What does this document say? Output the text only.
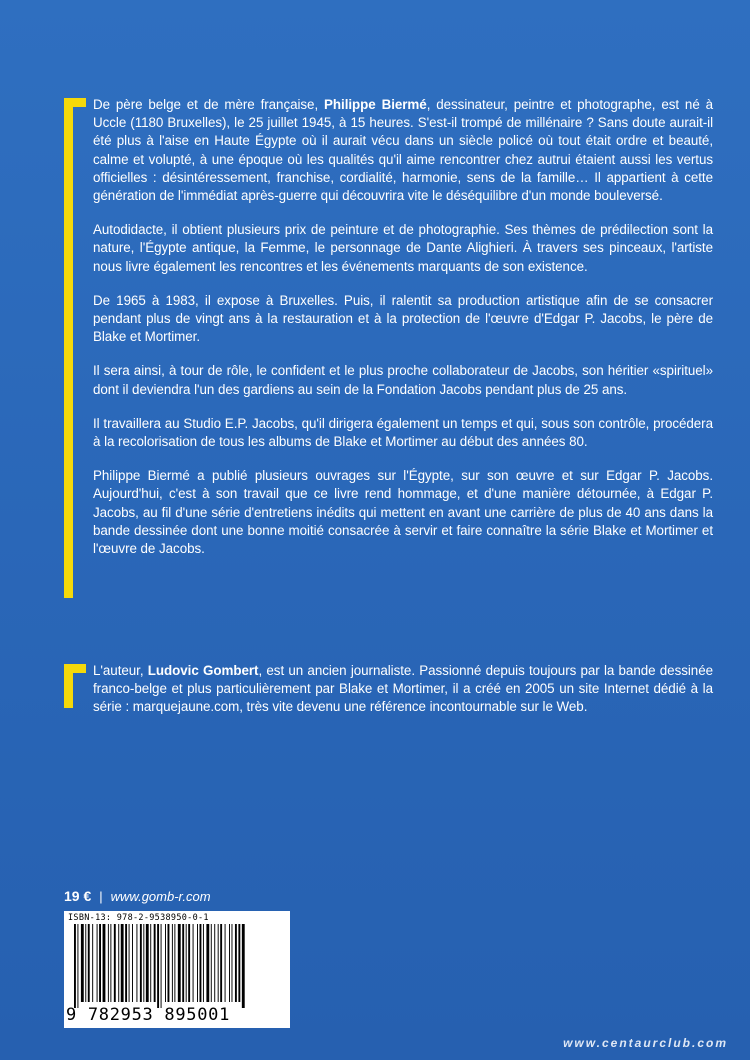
De père belge et de mère française, Philippe Biermé, dessinateur, peintre et photographe, est né à Uccle (1180 Bruxelles), le 25 juillet 1945, à 15 heures. S'est-il trompé de millénaire ? Sans doute aurait-il été plus à l'aise en Haute Égypte où il aurait vécu dans un siècle policé où tout était ordre et beauté, calme et volupté, à une époque où les qualités qu'il aime rencontrer chez autrui étaient aussi les vertus officielles : désintéressement, franchise, cordialité, harmonie, sens de la famille… Il appartient à cette génération de l'immédiat après-guerre qui découvrira vite le déséquilibre d'un monde bouleversé.

Autodidacte, il obtient plusieurs prix de peinture et de photographie. Ses thèmes de prédilection sont la nature, l'Égypte antique, la Femme, le personnage de Dante Alighieri. À travers ses pinceaux, l'artiste nous livre également les rencontres et les événements marquants de son existence.

De 1965 à 1983, il expose à Bruxelles. Puis, il ralentit sa production artistique afin de se consacrer pendant plus de vingt ans à la restauration et à la protection de l'œuvre d'Edgar P. Jacobs, le père de Blake et Mortimer.

Il sera ainsi, à tour de rôle, le confident et le plus proche collaborateur de Jacobs, son héritier «spirituel» dont il deviendra l'un des gardiens au sein de la Fondation Jacobs pendant plus de 25 ans.

Il travaillera au Studio E.P. Jacobs, qu'il dirigera également un temps et qui, sous son contrôle, procédera à la recolorisation de tous les albums de Blake et Mortimer au début des années 80.

Philippe Biermé a publié plusieurs ouvrages sur l'Égypte, sur son œuvre et sur Edgar P. Jacobs. Aujourd'hui, c'est à son travail que ce livre rend hommage, et d'une manière détournée, à Edgar P. Jacobs, au fil d'une série d'entretiens inédits qui mettent en avant une carrière de plus de 40 ans dans la bande dessinée dont une bonne moitié consacrée à servir et faire connaître la série Blake et Mortimer et l'œuvre de Jacobs.

L'auteur, Ludovic Gombert, est un ancien journaliste. Passionné depuis toujours par la bande dessinée franco-belge et plus particulièrement par Blake et Mortimer, il a créé en 2005 un site Internet dédié à la série : marquejaune.com, très vite devenu une référence incontournable sur le Web.

19 € | www.gomb-r.com
ISBN-13: 978-2-9538950-0-1
9 782953 895001
www.centaurclub.com
